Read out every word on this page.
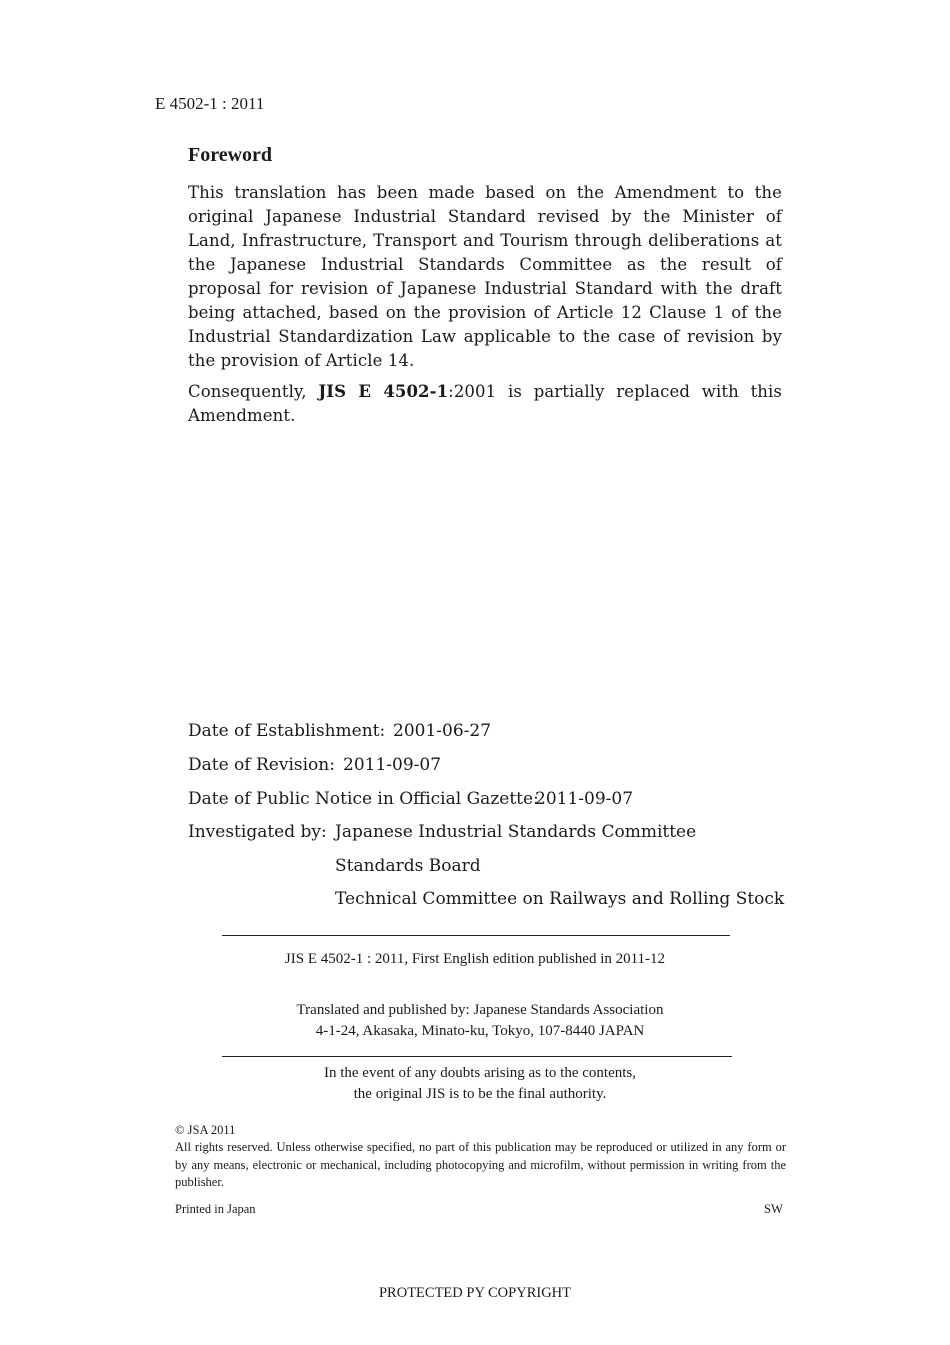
E 4502-1 : 2011
Foreword
This translation has been made based on the Amendment to the original Japanese Industrial Standard revised by the Minister of Land, Infrastructure, Transport and Tourism through deliberations at the Japanese Industrial Standards Committee as the result of proposal for revision of Japanese Industrial Standard with the draft being attached, based on the provision of Article 12 Clause 1 of the Industrial Standardization Law applicable to the case of revision by the provision of Article 14.
Consequently, JIS E 4502-1:2001 is partially replaced with this Amendment.
Date of Establishment: 2001-06-27
Date of Revision: 2011-09-07
Date of Public Notice in Official Gazette:
2011-09-07
Investigated by: Japanese Industrial Standards Committee
Standards Board
Technical Committee on Railways and Rolling Stock
JIS E 4502-1 : 2011, First English edition published in 2011-12
Translated and published by: Japanese Standards Association
4-1-24, Akasaka, Minato-ku, Tokyo, 107-8440 JAPAN
In the event of any doubts arising as to the contents,
the original JIS is to be the final authority.
© JSA 2011
All rights reserved. Unless otherwise specified, no part of this publication may be reproduced or utilized in any form or by any means, electronic or mechanical, including photocopying and microfilm, without permission in writing from the publisher.
Printed in Japan	SW
PROTECTED PY COPYRIGHT
